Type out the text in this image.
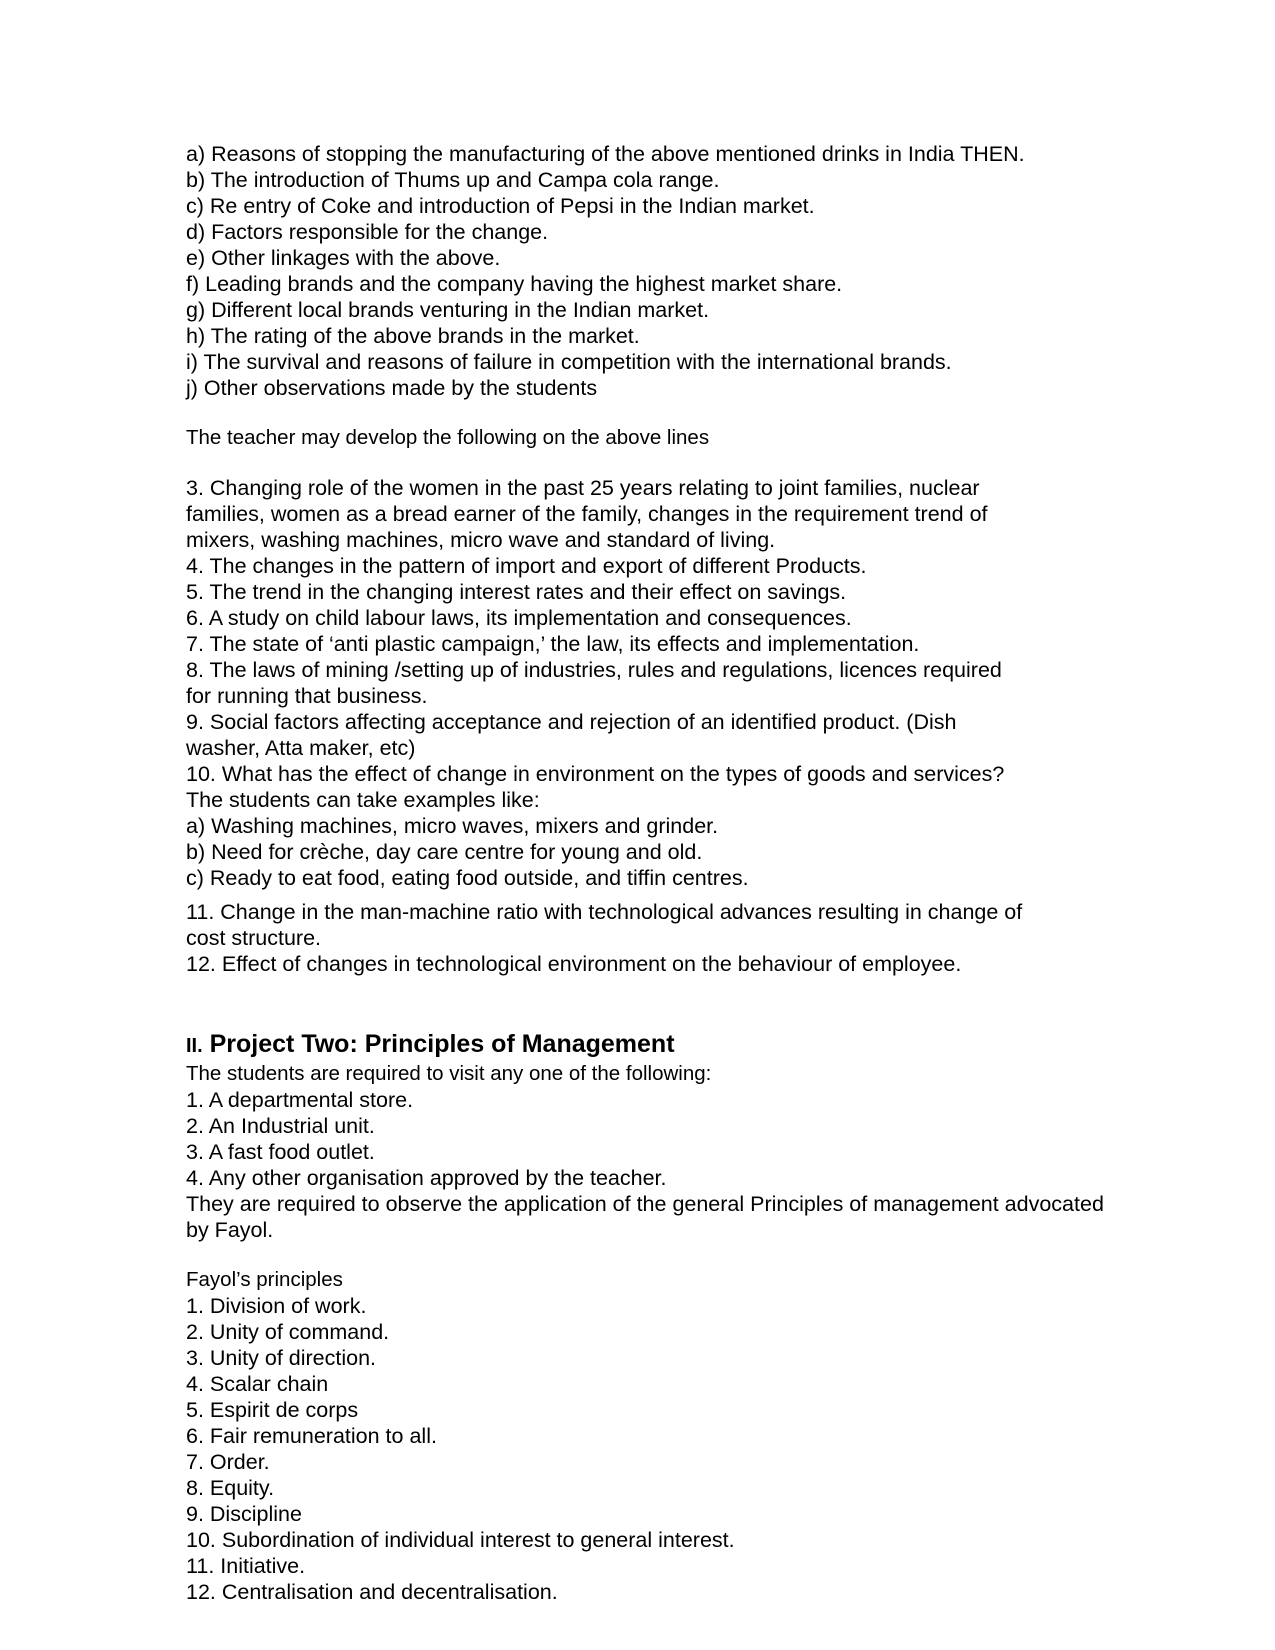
a) Reasons of stopping the manufacturing of the above mentioned drinks in India THEN.
b) The introduction of Thums up and Campa cola range.
c) Re entry of Coke and introduction of Pepsi in the Indian market.
d) Factors responsible for the change.
e) Other linkages with the above.
f) Leading brands and the company having the highest market share.
g) Different local brands venturing in the Indian market.
h) The rating of the above brands in the market.
i) The survival and reasons of failure in competition with the international brands.
j) Other observations made by the students
The teacher may develop the following on the above lines
3. Changing role of the women in the past 25 years relating to joint families, nuclear
families, women as a bread earner of the family, changes in the requirement trend of
mixers, washing machines, micro wave and standard of living.
4. The changes in the pattern of import and export of different Products.
5. The trend in the changing interest rates and their effect on savings.
6. A study on child labour laws, its implementation and consequences.
7. The state of ‘anti plastic campaign,’ the law, its effects and implementation.
8. The laws of mining /setting up of industries, rules and regulations, licences required
for running that business.
9. Social factors affecting acceptance and rejection of an identified product. (Dish
washer, Atta maker, etc)
10. What has the effect of change in environment on the types of goods and services?
The students can take examples like:
a) Washing machines, micro waves, mixers and grinder.
b) Need for crèche, day care centre for young and old.
c) Ready to eat food, eating food outside, and tiffin centres.
11. Change in the man-machine ratio with technological advances resulting in change of
cost structure.
12. Effect of changes in technological environment on the behaviour of employee.
II. Project Two: Principles of Management
The students are required to visit any one of the following:
1. A departmental store.
2. An Industrial unit.
3. A fast food outlet.
4. Any other organisation approved by the teacher.
They are required to observe the application of the general Principles of management advocated
by Fayol.
Fayol’s principles
1. Division of work.
2. Unity of command.
3. Unity of direction.
4. Scalar chain
5. Espirit de corps
6. Fair remuneration to all.
7. Order.
8. Equity.
9. Discipline
10. Subordination of individual interest to general interest.
11. Initiative.
12. Centralisation and decentralisation.
